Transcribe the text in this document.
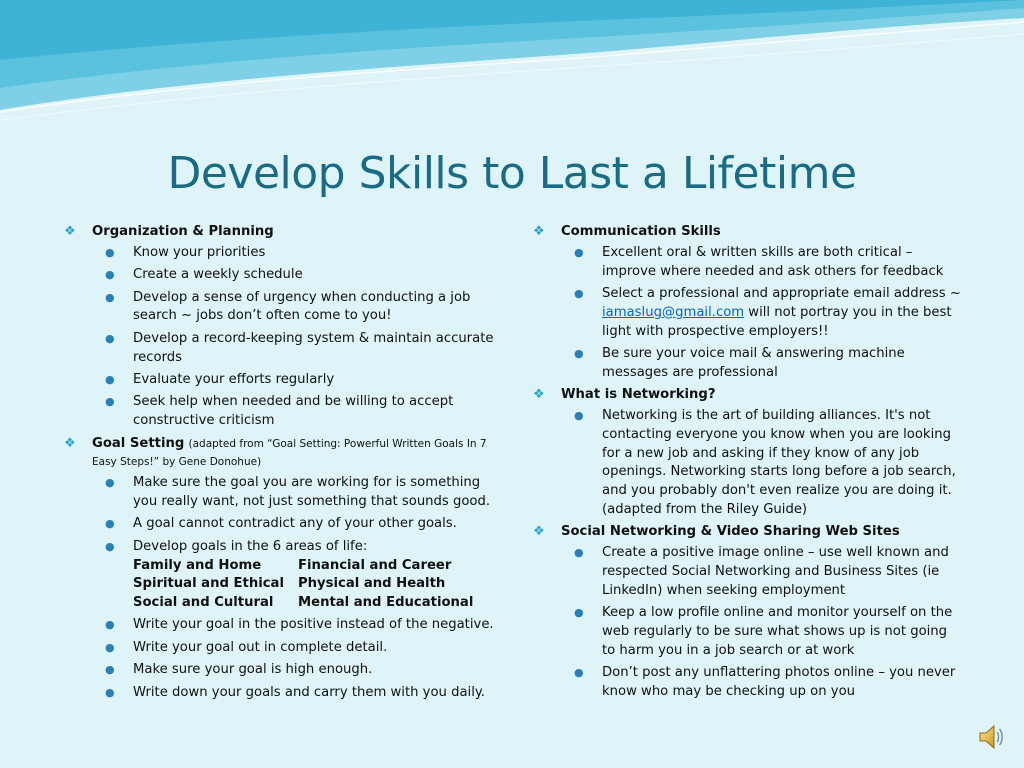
Develop Skills to Last a Lifetime
❖	Organization & Planning
●	Know your priorities
●	Create a weekly schedule
●	Develop a sense of urgency when conducting a job search ~ jobs don’t often come to you!
●	Develop a record-keeping system & maintain accurate records
●	Evaluate your efforts regularly
●	Seek help when needed and be willing to accept constructive criticism
❖	Goal Setting (adapted from “Goal Setting: Powerful Written Goals In 7 Easy Steps!” by Gene Donohue)
●	Make sure the goal you are working for is something you really want, not just something that sounds good.
●	A goal cannot contradict any of your other goals.
●	Develop goals in the 6 areas of life:
Family and Home	Financial and Career
Spiritual and Ethical	Physical and Health
Social and Cultural	Mental and Educational
●	Write your goal in the positive instead of the negative.
●	Write your goal out in complete detail.
●	Make sure your goal is high enough.
●	Write down your goals and carry them with you daily.
❖	Communication Skills
●	Excellent oral & written skills are both critical – improve where needed and ask others for feedback
●	Select a professional and appropriate email address ~ iamaslug@gmail.com will not portray you in the best light with prospective employers!!
●	Be sure your voice mail & answering machine messages are professional
❖	What is Networking?
●	Networking is the art of building alliances. It's not contacting everyone you know when you are looking for a new job and asking if they know of any job openings. Networking starts long before a job search, and you probably don't even realize you are doing it. (adapted from the Riley Guide)
❖	Social Networking & Video Sharing Web Sites
●	Create a positive image online – use well known and respected Social Networking and Business Sites (ie LinkedIn) when seeking employment
●	Keep a low profile online and monitor yourself on the web regularly to be sure what shows up is not going to harm you in a job search or at work
●	Don’t post any unflattering photos online – you never know who may be checking up on you
